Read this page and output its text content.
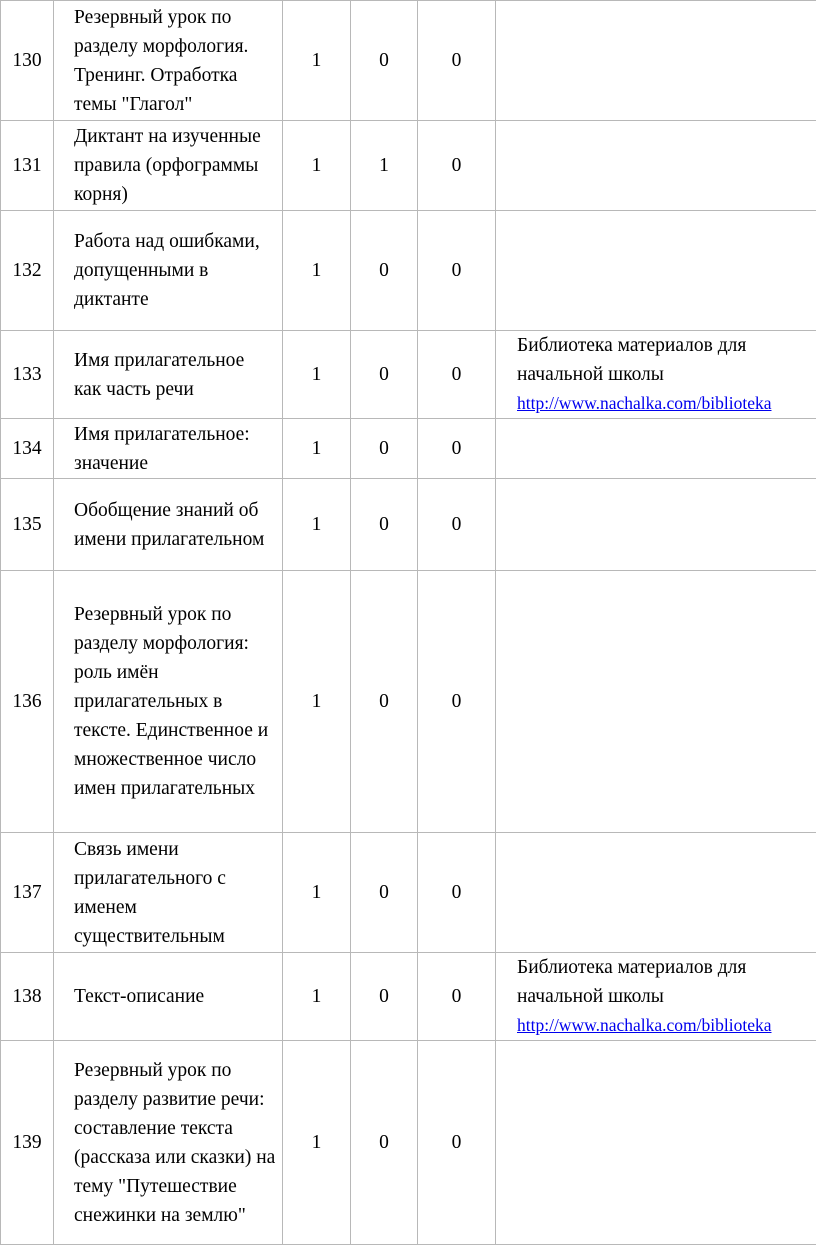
130	Резервный урок по разделу морфология. Тренинг. Отработка темы "Глагол"	1	0	0	
131	Диктант на изученные правила (орфограммы корня)	1	1	0	
132	Работа над ошибками, допущенными в диктанте	1	0	0	
133	Имя прилагательное как часть речи	1	0	0	Библиотека материалов для начальной школы
http://www.nachalka.com/biblioteka
134	Имя прилагательное: значение	1	0	0	
135	Обобщение знаний об имени прилагательном	1	0	0	
136	Резервный урок по разделу морфология: роль имён прилагательных в тексте. Единственное и множественное число имен прилагательных	1	0	0	
137	Связь имени прилагательного с именем существительным	1	0	0	
138	Текст-описание	1	0	0	Библиотека материалов для начальной школы
http://www.nachalka.com/biblioteka
139	Резервный урок по разделу развитие речи: составление текста (рассказа или сказки) на тему "Путешествие снежинки на землю"	1	0	0	
